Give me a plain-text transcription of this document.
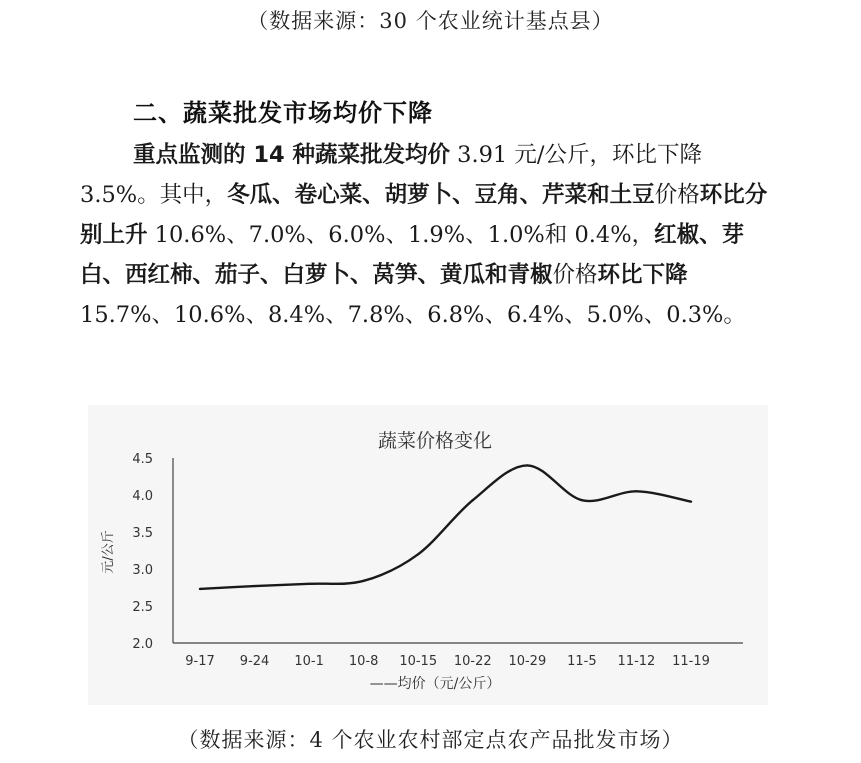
（数据来源：30 个农业统计基点县）
二、蔬菜批发市场均价下降

重点监测的 14 种蔬菜批发均价 3.91 元/公斤，环比下降 3.5%。其中，冬瓜、卷心菜、胡萝卜、豆角、芹菜和土豆价格环比分别上升 10.6%、7.0%、6.0%、1.9%、1.0%和 0.4%，红椒、芽白、西红柿、茄子、白萝卜、莴笋、黄瓜和青椒价格环比下降 15.7%、10.6%、8.4%、7.8%、6.8%、6.4%、5.0%、0.3%。

蔬菜价格变化
元/公斤
——均价（元/公斤）
4.5
4.0
3.5
3.0
2.5
2.0
9-17 9-24 10-1 10-8 10-15 10-22 10-29 11-5 11-12 11-19
（数据来源：4 个农业农村部定点农产品批发市场）
